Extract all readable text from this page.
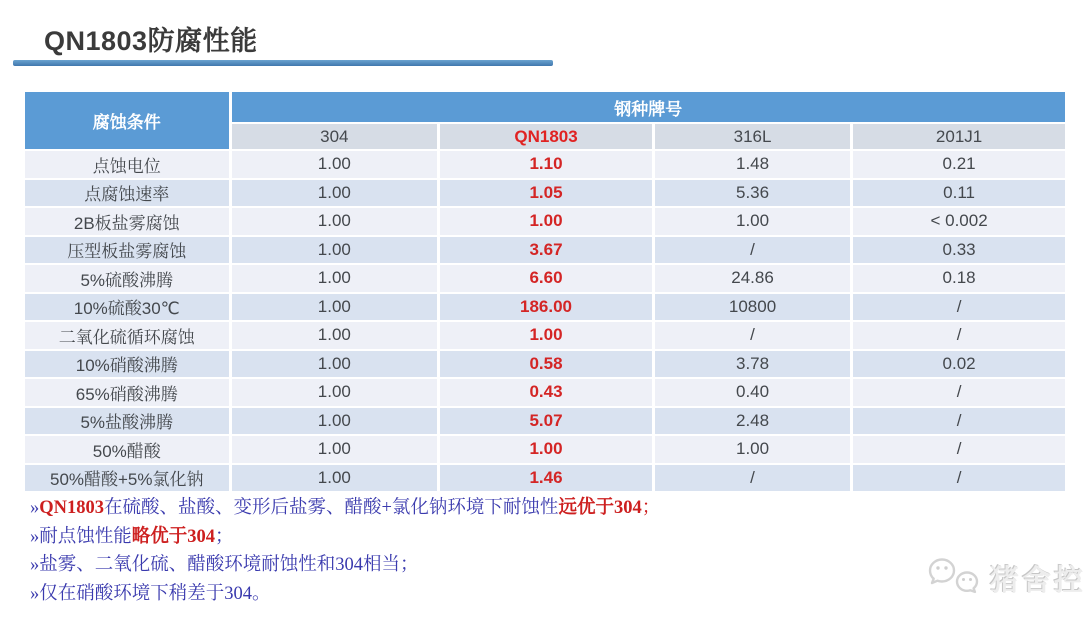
QN1803防腐性能
腐蚀条件	钢种牌号			
	304	QN1803	316L	201J1
点蚀电位	1.00	1.10	1.48	0.21
点腐蚀速率	1.00	1.05	5.36	0.11
2B板盐雾腐蚀	1.00	1.00	1.00	< 0.002
压型板盐雾腐蚀	1.00	3.67	/	0.33
5%硫酸沸腾	1.00	6.60	24.86	0.18
10%硫酸30℃	1.00	186.00	10800	/
二氧化硫循环腐蚀	1.00	1.00	/	/
10%硝酸沸腾	1.00	0.58	3.78	0.02
65%硝酸沸腾	1.00	0.43	0.40	/
5%盐酸沸腾	1.00	5.07	2.48	/
50%醋酸	1.00	1.00	1.00	/
50%醋酸+5%氯化钠	1.00	1.46	/	/
»QN1803在硫酸、盐酸、变形后盐雾、醋酸+氯化钠环境下耐蚀性远优于304；
»耐点蚀性能略优于304；
»盐雾、二氧化硫、醋酸环境耐蚀性和304相当；
»仅在硝酸环境下稍差于304。	猪舍控
